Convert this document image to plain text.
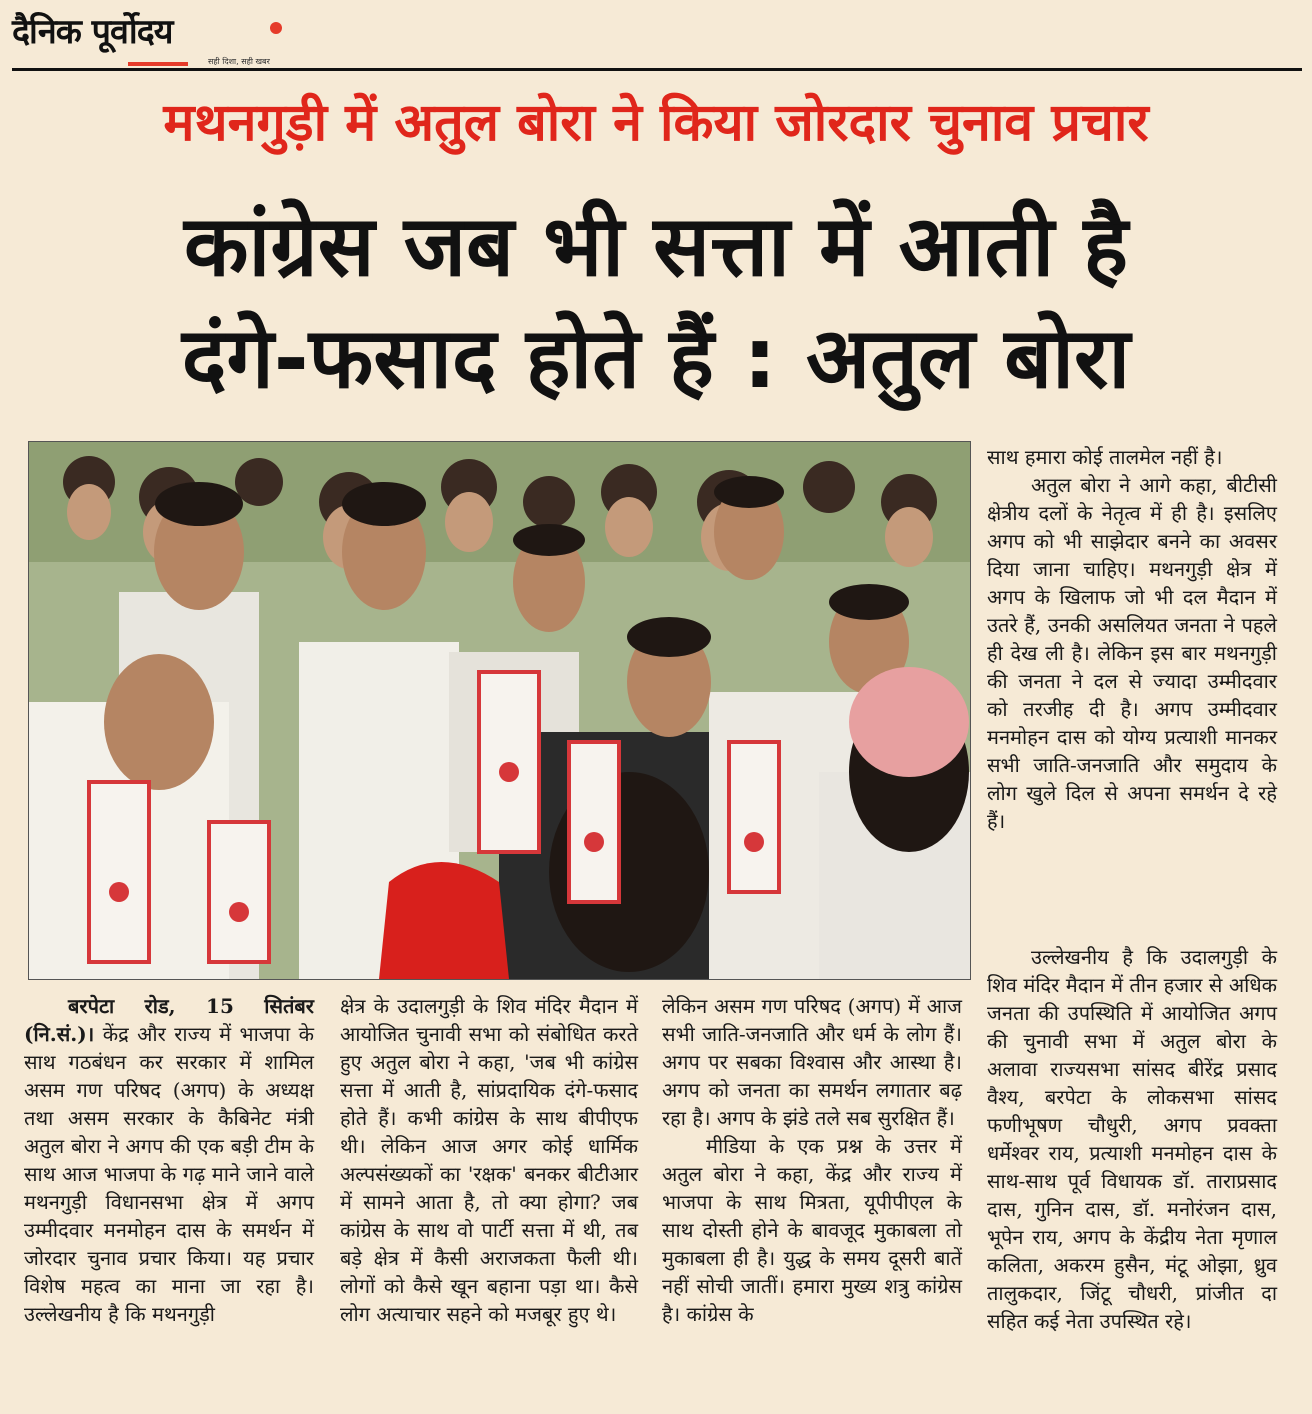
दैनिक पूर्वोदय
सही दिशा, सही खबर
मथनगुड़ी में अतुल बोरा ने किया जोरदार चुनाव प्रचार
कांग्रेस जब भी सत्ता में आती है
दंगे-फसाद होते हैं : अतुल बोरा

साथ हमारा कोई तालमेल नहीं है।

अतुल बोरा ने आगे कहा, बीटीसी क्षेत्रीय दलों के नेतृत्व में ही है। इसलिए अगप को भी साझेदार बनने का अवसर दिया जाना चाहिए। मथनगुड़ी क्षेत्र में अगप के खिलाफ जो भी दल मैदान में उतरे हैं, उनकी असलियत जनता ने पहले ही देख ली है। लेकिन इस बार मथनगुड़ी की जनता ने दल से ज्यादा उम्मीदवार को तरजीह दी है। अगप उम्मीदवार मनमोहन दास को योग्य प्रत्याशी मानकर सभी जाति-जनजाति और समुदाय के लोग खुले दिल से अपना समर्थन दे रहे हैं।

बरपेटा रोड, 15 सितंबर (नि.सं.)। केंद्र और राज्य में भाजपा के साथ गठबंधन कर सरकार में शामिल असम गण परिषद (अगप) के अध्यक्ष तथा असम सरकार के कैबिनेट मंत्री अतुल बोरा ने अगप की एक बड़ी टीम के साथ आज भाजपा के गढ़ माने जाने वाले मथनगुड़ी विधानसभा क्षेत्र में अगप उम्मीदवार मनमोहन दास के समर्थन में जोरदार चुनाव प्रचार किया। यह प्रचार विशेष महत्व का माना जा रहा है। उल्लेखनीय है कि मथनगुड़ी

क्षेत्र के उदालगुड़ी के शिव मंदिर मैदान में आयोजित चुनावी सभा को संबोधित करते हुए अतुल बोरा ने कहा, 'जब भी कांग्रेस सत्ता में आती है, सांप्रदायिक दंगे-फसाद होते हैं। कभी कांग्रेस के साथ बीपीएफ थी। लेकिन आज अगर कोई धार्मिक अल्पसंख्यकों का 'रक्षक' बनकर बीटीआर में सामने आता है, तो क्या होगा? जब कांग्रेस के साथ वो पार्टी सत्ता में थी, तब बड़े क्षेत्र में कैसी अराजकता फैली थी। लोगों को कैसे खून बहाना पड़ा था। कैसे लोग अत्याचार सहने को मजबूर हुए थे।

लेकिन असम गण परिषद (अगप) में आज सभी जाति-जनजाति और धर्म के लोग हैं। अगप पर सबका विश्वास और आस्था है। अगप को जनता का समर्थन लगातार बढ़ रहा है। अगप के झंडे तले सब सुरक्षित हैं।

मीडिया के एक प्रश्न के उत्तर में अतुल बोरा ने कहा, केंद्र और राज्य में भाजपा के साथ मित्रता, यूपीपीएल के साथ दोस्ती होने के बावजूद मुकाबला तो मुकाबला ही है। युद्ध के समय दूसरी बातें नहीं सोची जातीं। हमारा मुख्य शत्रु कांग्रेस है। कांग्रेस के

उल्लेखनीय है कि उदालगुड़ी के शिव मंदिर मैदान में तीन हजार से अधिक जनता की उपस्थिति में आयोजित अगप की चुनावी सभा में अतुल बोरा के अलावा राज्यसभा सांसद बीरेंद्र प्रसाद वैश्य, बरपेटा के लोकसभा सांसद फणीभूषण चौधुरी, अगप प्रवक्ता धर्मेश्वर राय, प्रत्याशी मनमोहन दास के साथ-साथ पूर्व विधायक डॉ. ताराप्रसाद दास, गुनिन दास, डॉ. मनोरंजन दास, भूपेन राय, अगप के केंद्रीय नेता मृणाल कलिता, अकरम हुसैन, मंटू ओझा, ध्रुव तालुकदार, जिंटू चौधरी, प्रांजीत दा सहित कई नेता उपस्थित रहे।
